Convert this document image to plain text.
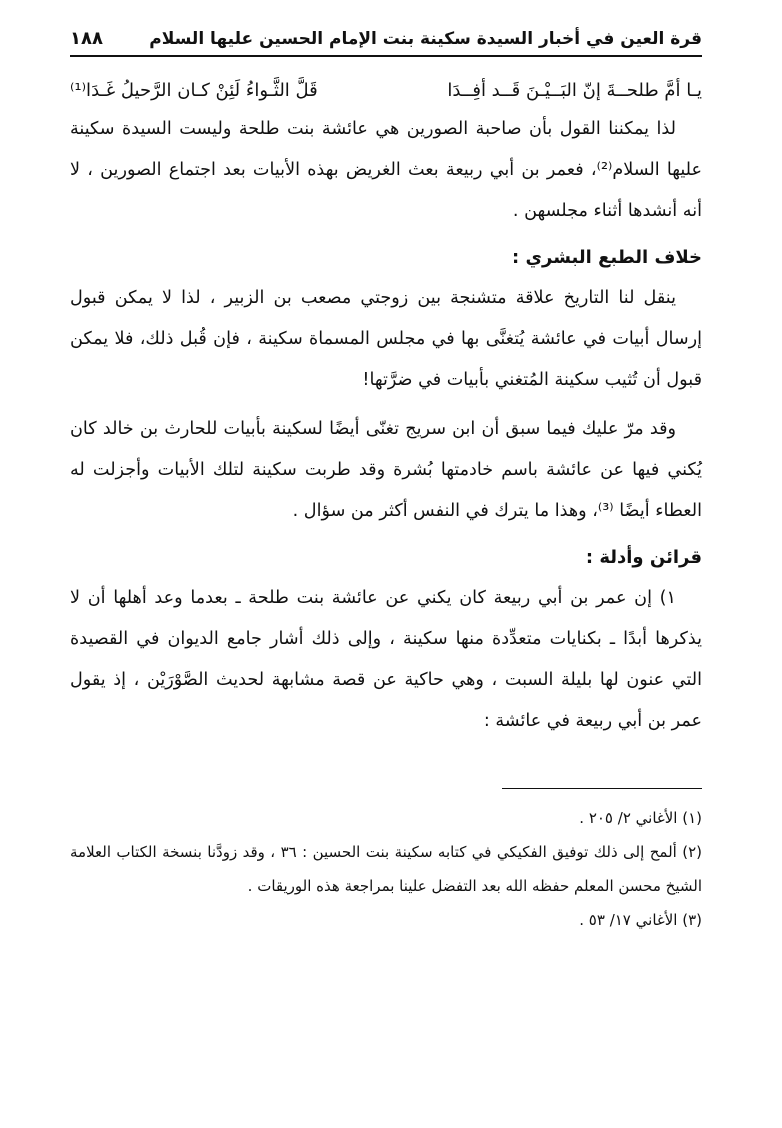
قرة العين في أخبار السيدة سكينة بنت الإمام الحسين عليها السلام
١٨٨
يـا أمَّ طلحــةَ إنّ البَــيْـنَ قَــد أفِــدَا
قَلَّ الثَّـواءُ لَئِنْ كـان الرَّحيلُ غَـدَا⁽¹⁾

لذا يمكننا القول بأن صاحبة الصورين هي عائشة بنت طلحة وليست السيدة سكينة عليها السلام⁽²⁾، فعمر بن أبي ربيعة بعث الغريض بهذه الأبيات بعد اجتماع الصورين ، لا أنه أنشدها أثناء مجلسهن .

خلاف الطبع البشري :

ينقل لنا التاريخ علاقة متشنجة بين زوجتي مصعب بن الزبير ، لذا لا يمكن قبول إرسال أبيات في عائشة يُتغنَّى بها في مجلس المسماة سكينة ، فإن قُبل ذلك، فلا يمكن قبول أن تُثيب سكينة المُتغني بأبيات في ضرَّتها!

وقد مرّ عليك فيما سبق أن ابن سريج تغنّى أيضًا لسكينة بأبيات للحارث بن خالد كان يُكني فيها عن عائشة باسم خادمتها بُشرة وقد طربت سكينة لتلك الأبيات وأجزلت له العطاء أيضًا ⁽³⁾، وهذا ما يترك في النفس أكثر من سؤال .

قرائن وأدلة :

١) إن عمر بن أبي ربيعة كان يكني عن عائشة بنت طلحة ـ بعدما وعد أهلها أن لا يذكرها أبدًا ـ بكنايات متعدِّدة منها سكينة ، وإلى ذلك أشار جامع الديوان في القصيدة التي عنون لها بليلة السبت ، وهي حاكية عن قصة مشابهة لحديث الصَّوْرَيْن ، إذ يقول عمر بن أبي ربيعة في عائشة :

(١) الأغاني ٢/ ٢٠٥ .

(٢) ألمح إلى ذلك توفيق الفكيكي في كتابه سكينة بنت الحسين : ٣٦ ، وقد زودَّنا بنسخة الكتاب العلامة الشيخ محسن المعلم حفظه الله بعد التفضل علينا بمراجعة هذه الوريقات .

(٣) الأغاني ١٧/ ٥٣ .
